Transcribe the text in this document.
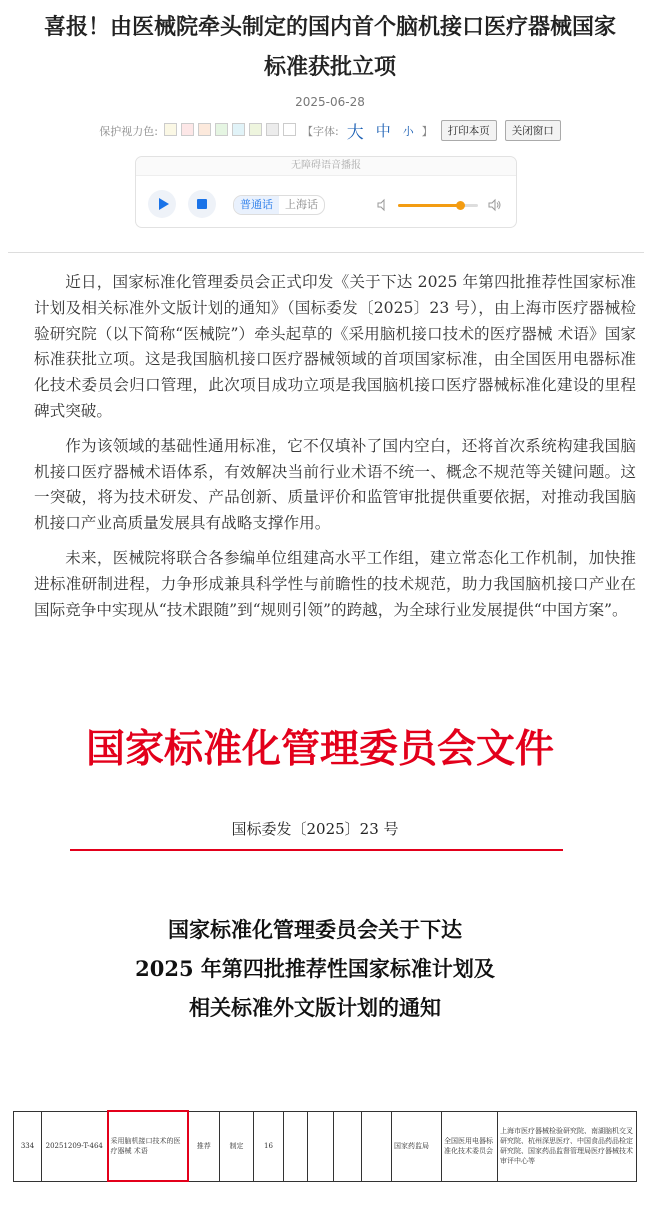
喜报！由医械院牵头制定的国内首个脑机接口医疗器械国家
标准获批立项
2025-06-28
保护视力色:	【字体: 大 中 小 】	打印本页	关闭窗口
无障碍语音播报
普通话	上海话

近日，国家标准化管理委员会正式印发《关于下达 2025 年第四批推荐性国家标准计划及相关标准外文版计划的通知》（国标委发〔2025〕23 号），由上海市医疗器械检验研究院（以下简称“医械院”）牵头起草的《采用脑机接口技术的医疗器械 术语》国家标准获批立项。这是我国脑机接口医疗器械领域的首项国家标准，由全国医用电器标准化技术委员会归口管理，此次项目成功立项是我国脑机接口医疗器械标准化建设的里程碑式突破。

作为该领域的基础性通用标准，它不仅填补了国内空白，还将首次系统构建我国脑机接口医疗器械术语体系，有效解决当前行业术语不统一、概念不规范等关键问题。这一突破，将为技术研发、产品创新、质量评价和监管审批提供重要依据，对推动我国脑机接口产业高质量发展具有战略支撑作用。

未来，医械院将联合各参编单位组建高水平工作组，建立常态化工作机制，加快推进标准研制进程，力争形成兼具科学性与前瞻性的技术规范，助力我国脑机接口产业在国际竞争中实现从“技术跟随”到“规则引领”的跨越，为全球行业发展提供“中国方案”。

国家标准化管理委员会文件
国标委发〔2025〕23 号
国家标准化管理委员会关于下达
2025 年第四批推荐性国家标准计划及
相关标准外文版计划的通知
334	20251209-T-464	采用脑机接口技术的医疗器械 术语	推荐	制定	16					国家药监局	全国医用电器标准化技术委员会	上海市医疗器械检验研究院、南湖脑机交叉研究院、杭州深思医疗、中国食品药品检定研究院、国家药品监督管理局医疗器械技术审评中心等
